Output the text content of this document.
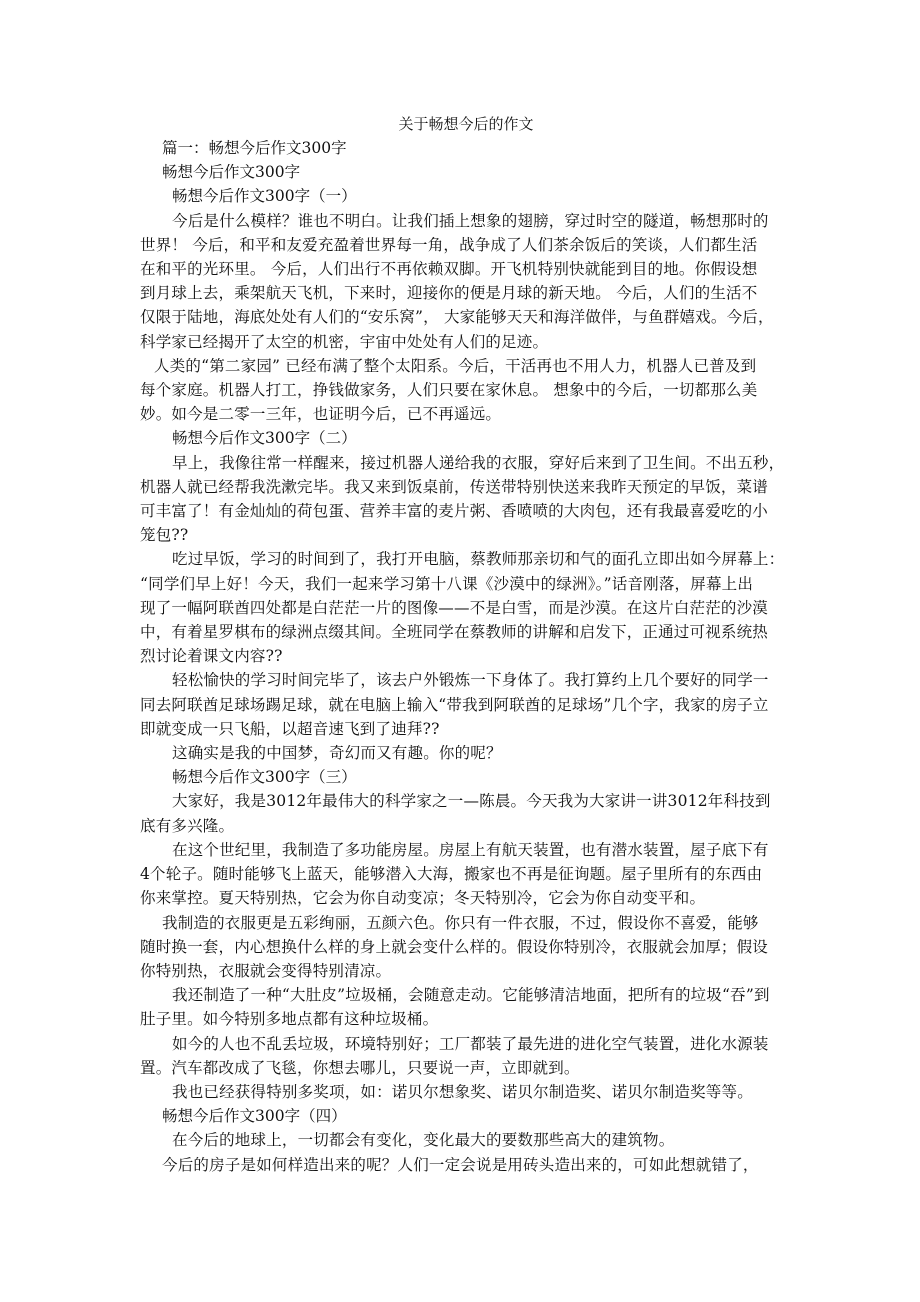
关于畅想今后的作文
篇一：畅想今后作文300字
畅想今后作文300字
畅想今后作文300字（一）
今后是什么模样？谁也不明白。让我们插上想象的翅膀，穿过时空的隧道，畅想那时的
世界！ 今后，和平和友爱充盈着世界每一角，战争成了人们茶余饭后的笑谈，人们都生活
在和平的光环里。 今后，人们出行不再依赖双脚。开飞机特别快就能到目的地。你假设想
到月球上去，乘架航天飞机，下来时，迎接你的便是月球的新天地。 今后，人们的生活不
仅限于陆地，海底处处有人们的“安乐窝”， 大家能够天天和海洋做伴，与鱼群嬉戏。今后，
科学家已经揭开了太空的机密，宇宙中处处有人们的足迹。
人类的“第二家园” 已经布满了整个太阳系。今后，干活再也不用人力，机器人已普及到
每个家庭。机器人打工，挣钱做家务，人们只要在家休息。 想象中的今后，一切都那么美
妙。如今是二零一三年，也证明今后，已不再遥远。
畅想今后作文300字（二）
早上，我像往常一样醒来，接过机器人递给我的衣服，穿好后来到了卫生间。不出五秒，
机器人就已经帮我洗漱完毕。我又来到饭桌前，传送带特别快送来我昨天预定的早饭，菜谱
可丰富了！有金灿灿的荷包蛋、营养丰富的麦片粥、香喷喷的大肉包，还有我最喜爱吃的小
笼包??
吃过早饭，学习的时间到了，我打开电脑，蔡教师那亲切和气的面孔立即出如今屏幕上：
“同学们早上好！今天，我们一起来学习第十八课《沙漠中的绿洲》。”话音刚落，屏幕上出
现了一幅阿联酋四处都是白茫茫一片的图像——不是白雪，而是沙漠。在这片白茫茫的沙漠
中，有着星罗棋布的绿洲点缀其间。全班同学在蔡教师的讲解和启发下，正通过可视系统热
烈讨论着课文内容??
轻松愉快的学习时间完毕了，该去户外锻炼一下身体了。我打算约上几个要好的同学一
同去阿联酋足球场踢足球，就在电脑上输入“带我到阿联酋的足球场”几个字，我家的房子立
即就变成一只飞船，以超音速飞到了迪拜??
这确实是我的中国梦，奇幻而又有趣。你的呢？
畅想今后作文300字（三）
大家好，我是3012年最伟大的科学家之一—陈晨。今天我为大家讲一讲3012年科技到
底有多兴隆。
在这个世纪里，我制造了多功能房屋。房屋上有航天装置，也有潜水装置，屋子底下有
4个轮子。随时能够飞上蓝天，能够潜入大海，搬家也不再是征询题。屋子里所有的东西由
你来掌控。夏天特别热，它会为你自动变凉；冬天特别冷，它会为你自动变平和。
我制造的衣服更是五彩绚丽，五颜六色。你只有一件衣服，不过，假设你不喜爱，能够
随时换一套，内心想换什么样的身上就会变什么样的。假设你特别冷，衣服就会加厚；假设
你特别热，衣服就会变得特别清凉。
我还制造了一种“大肚皮”垃圾桶，会随意走动。它能够清洁地面，把所有的垃圾“吞”到
肚子里。如今特别多地点都有这种垃圾桶。
如今的人也不乱丢垃圾，环境特别好；工厂都装了最先进的进化空气装置，进化水源装
置。汽车都改成了飞毯，你想去哪儿，只要说一声，立即就到。
我也已经获得特别多奖项，如：诺贝尔想象奖、诺贝尔制造奖、诺贝尔制造奖等等。
畅想今后作文300字（四）
在今后的地球上，一切都会有变化，变化最大的要数那些高大的建筑物。
今后的房子是如何样造出来的呢？人们一定会说是用砖头造出来的，可如此想就错了，
